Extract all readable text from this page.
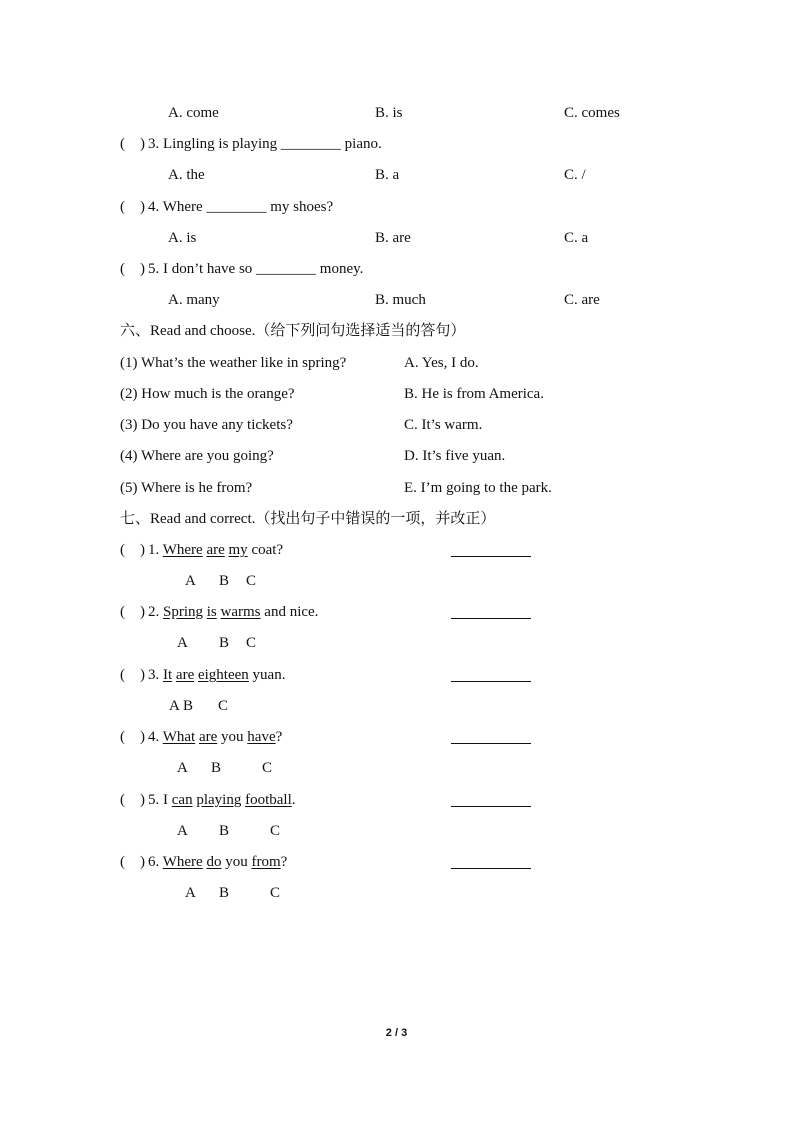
A. come	B. is	C. comes
(　) 3. Lingling is playing ________ piano.
A. the	B. a	C. /
(　) 4. Where ________ my shoes?
A. is	B. are	C. a
(　) 5. I don’t have so ________ money.
A. many	B. much	C. are
六、Read and choose.（给下列问句选择适当的答句）
(1) What’s the weather like in spring?	A. Yes, I do.
(2) How much is the orange?	B. He is from America.
(3) Do you have any tickets?	C. It’s warm.
(4) Where are you going?	D. It’s five yuan.
(5) Where is he from?	E. I’m going to the park.
七、Read and correct.（找出句子中错误的一项，并改正）
(　) 1. Where are my coat?
A B C
(　) 2. Spring is warms and nice.
A B C
(　) 3. It are eighteen yuan.
A B C
(　) 4. What are you have?
A B	C
(　) 5. I can playing football.
A B	C
(　) 6. Where do you from?
A B	C
2 / 3
